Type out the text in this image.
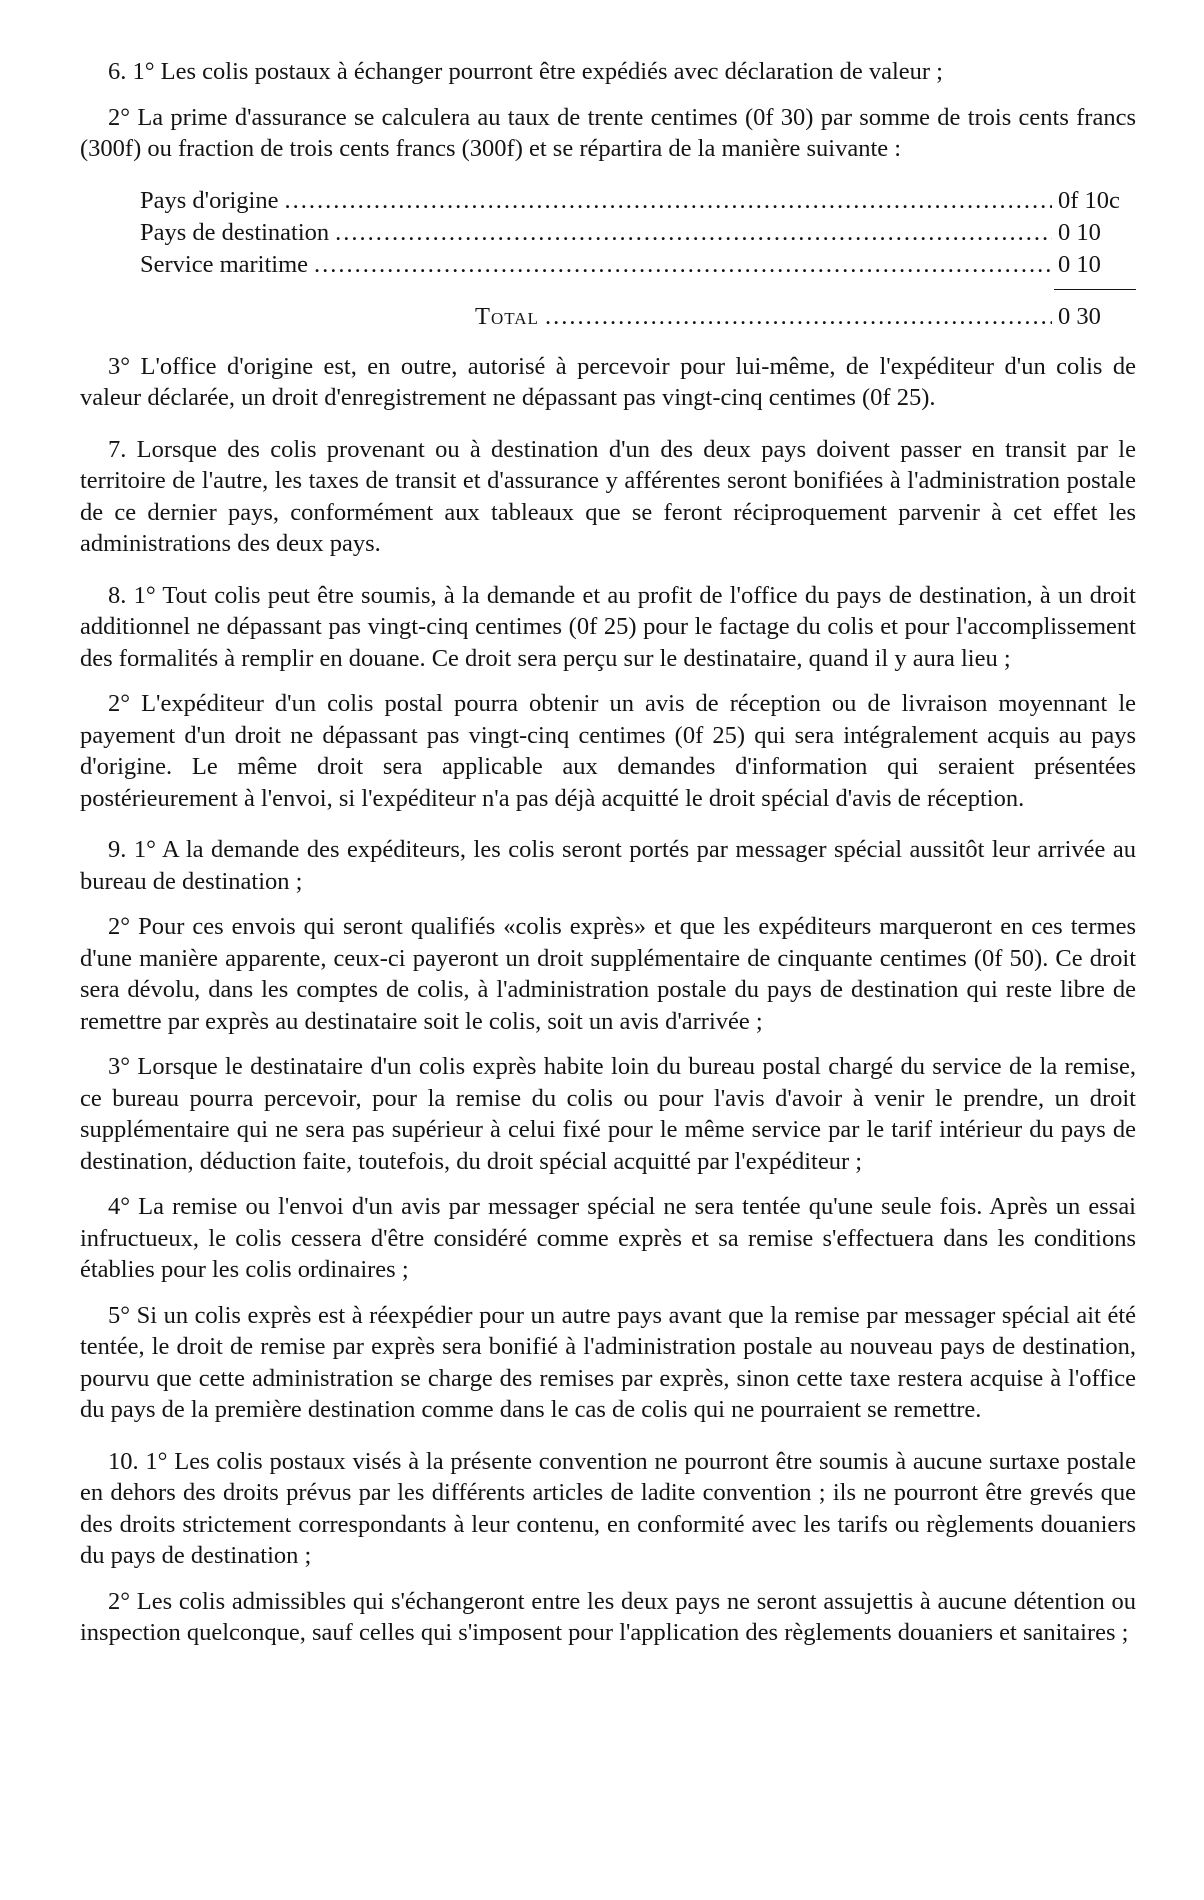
6. 1° Les colis postaux à échanger pourront être expédiés avec déclaration de valeur ;

2° La prime d'assurance se calculera au taux de trente centimes (0f 30) par somme de trois cents francs (300f) ou fraction de trois cents francs (300f) et se répartira de la manière suivante :

Pays d'origine .....	0f 10c
Pays de destination .....	0 10
Service maritime .....	0 10
Total .....	0 30

3° L'office d'origine est, en outre, autorisé à percevoir pour lui-même, de l'expéditeur d'un colis de valeur déclarée, un droit d'enregistrement ne dépassant pas vingt-cinq centimes (0f 25).

7. Lorsque des colis provenant ou à destination d'un des deux pays doivent passer en transit par le territoire de l'autre, les taxes de transit et d'assurance y afférentes seront bonifiées à l'administration postale de ce dernier pays, conformément aux tableaux que se feront réciproquement parvenir à cet effet les administrations des deux pays.

8. 1° Tout colis peut être soumis, à la demande et au profit de l'office du pays de destination, à un droit additionnel ne dépassant pas vingt-cinq centimes (0f 25) pour le factage du colis et pour l'accomplissement des formalités à remplir en douane. Ce droit sera perçu sur le destinataire, quand il y aura lieu ;

2° L'expéditeur d'un colis postal pourra obtenir un avis de réception ou de livraison moyennant le payement d'un droit ne dépassant pas vingt-cinq centimes (0f 25) qui sera intégralement acquis au pays d'origine. Le même droit sera applicable aux demandes d'information qui seraient présentées postérieurement à l'envoi, si l'expéditeur n'a pas déjà acquitté le droit spécial d'avis de réception.

9. 1° A la demande des expéditeurs, les colis seront portés par messager spécial aussitôt leur arrivée au bureau de destination ;

2° Pour ces envois qui seront qualifiés «colis exprès» et que les expéditeurs marqueront en ces termes d'une manière apparente, ceux-ci payeront un droit supplémentaire de cinquante centimes (0f 50). Ce droit sera dévolu, dans les comptes de colis, à l'administration postale du pays de destination qui reste libre de remettre par exprès au destinataire soit le colis, soit un avis d'arrivée ;

3° Lorsque le destinataire d'un colis exprès habite loin du bureau postal chargé du service de la remise, ce bureau pourra percevoir, pour la remise du colis ou pour l'avis d'avoir à venir le prendre, un droit supplémentaire qui ne sera pas supérieur à celui fixé pour le même service par le tarif intérieur du pays de destination, déduction faite, toutefois, du droit spécial acquitté par l'expéditeur ;

4° La remise ou l'envoi d'un avis par messager spécial ne sera tentée qu'une seule fois. Après un essai infructueux, le colis cessera d'être considéré comme exprès et sa remise s'effectuera dans les conditions établies pour les colis ordinaires ;

5° Si un colis exprès est à réexpédier pour un autre pays avant que la remise par messager spécial ait été tentée, le droit de remise par exprès sera bonifié à l'administration postale au nouveau pays de destination, pourvu que cette administration se charge des remises par exprès, sinon cette taxe restera acquise à l'office du pays de la première destination comme dans le cas de colis qui ne pourraient se remettre.

10. 1° Les colis postaux visés à la présente convention ne pourront être soumis à aucune surtaxe postale en dehors des droits prévus par les différents articles de ladite convention ; ils ne pourront être grevés que des droits strictement correspondants à leur contenu, en conformité avec les tarifs ou règlements douaniers du pays de destination ;

2° Les colis admissibles qui s'échangeront entre les deux pays ne seront assujettis à aucune détention ou inspection quelconque, sauf celles qui s'imposent pour l'application des règlements douaniers et sanitaires ;
